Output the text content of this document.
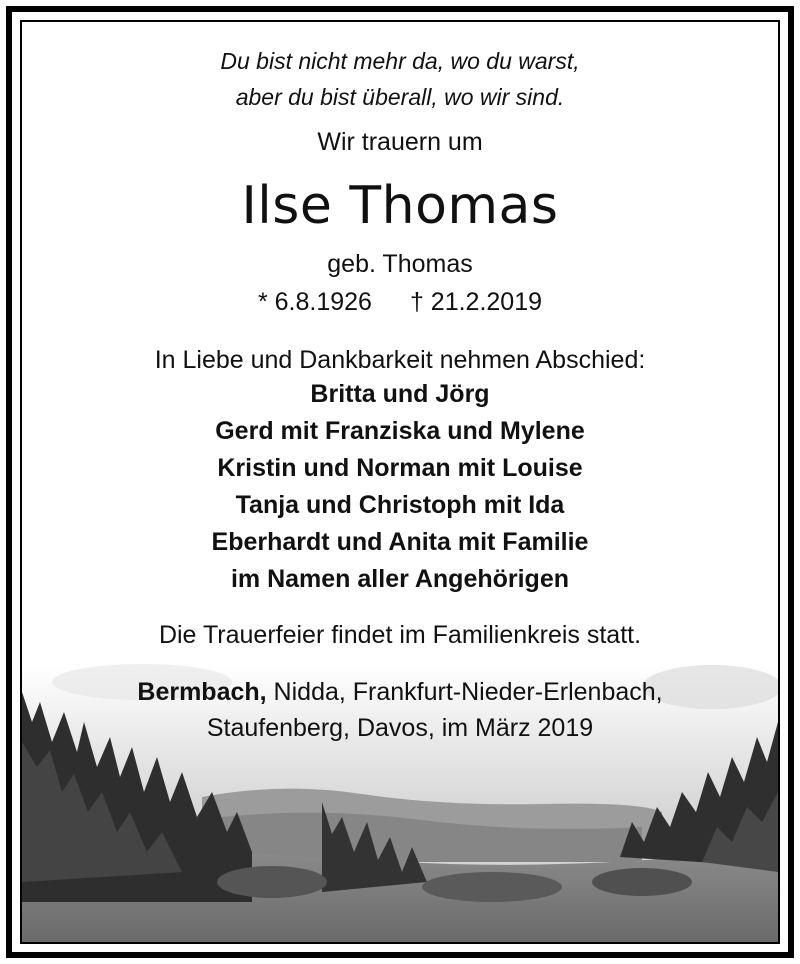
Du bist nicht mehr da, wo du warst,
aber du bist überall, wo wir sind.
Wir trauern um
Ilse Thomas
geb. Thomas
* 6.8.1926 † 21.2.2019
In Liebe und Dankbarkeit nehmen Abschied:
Britta und Jörg
Gerd mit Franziska und Mylene
Kristin und Norman mit Louise
Tanja und Christoph mit Ida
Eberhardt und Anita mit Familie
im Namen aller Angehörigen
Die Trauerfeier findet im Familienkreis statt.
Bermbach, Nidda, Frankfurt-Nieder-Erlenbach,
Staufenberg, Davos, im März 2019
